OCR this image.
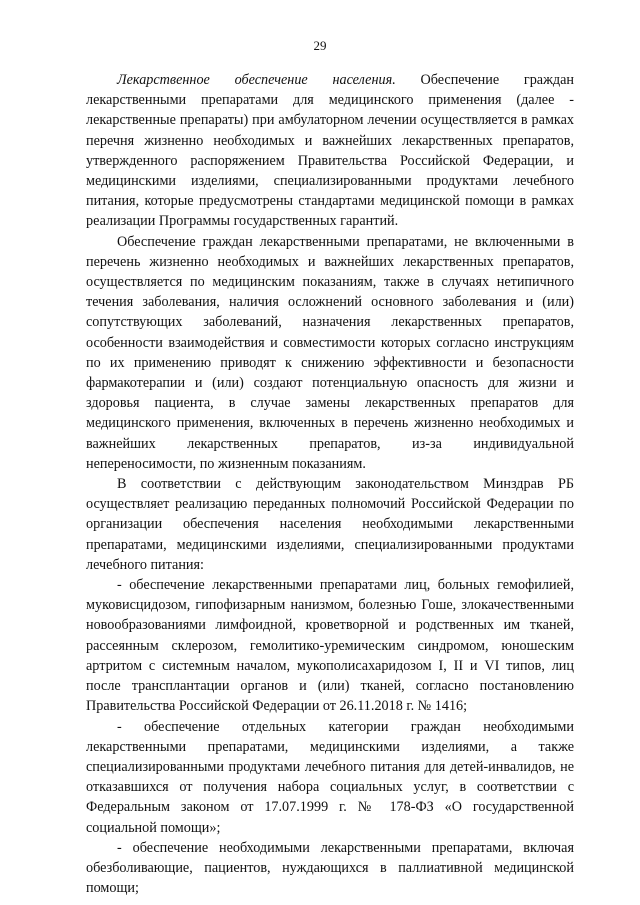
29

Лекарственное обеспечение населения. Обеспечение граждан лекарственными препаратами для медицинского применения (далее - лекарственные препараты) при амбулаторном лечении осуществляется в рамках перечня жизненно необходимых и важнейших лекарственных препаратов, утвержденного распоряжением Правительства Российской Федерации, и медицинскими изделиями, специализированными продуктами лечебного питания, которые предусмотрены стандартами медицинской помощи в рамках реализации Программы государственных гарантий.

Обеспечение граждан лекарственными препаратами, не включенными в перечень жизненно необходимых и важнейших лекарственных препаратов, осуществляется по медицинским показаниям, также в случаях нетипичного течения заболевания, наличия осложнений основного заболевания и (или) сопутствующих заболеваний, назначения лекарственных препаратов, особенности взаимодействия и совместимости которых согласно инструкциям по их применению приводят к снижению эффективности и безопасности фармакотерапии и (или) создают потенциальную опасность для жизни и здоровья пациента, в случае замены лекарственных препаратов для медицинского применения, включенных в перечень жизненно необходимых и важнейших лекарственных препаратов, из-за индивидуальной непереносимости, по жизненным показаниям.

В соответствии с действующим законодательством Минздрав РБ осуществляет реализацию переданных полномочий Российской Федерации по организации обеспечения населения необходимыми лекарственными препаратами, медицинскими изделиями, специализированными продуктами лечебного питания:

- обеспечение лекарственными препаратами лиц, больных гемофилией, муковисцидозом, гипофизарным нанизмом, болезнью Гоше, злокачественными новообразованиями лимфоидной, кроветворной и родственных им тканей, рассеянным склерозом, гемолитико-уремическим синдромом, юношеским артритом с системным началом, мукополисахаридозом I, II и VI типов, лиц после трансплантации органов и (или) тканей, согласно постановлению Правительства Российской Федерации от 26.11.2018 г. № 1416;

- обеспечение отдельных категории граждан необходимыми лекарственными препаратами, медицинскими изделиями, а также специализированными продуктами лечебного питания для детей-инвалидов, не отказавшихся от получения набора социальных услуг, в соответствии с Федеральным законом от 17.07.1999 г. № 178-ФЗ «О государственной социальной помощи»;

- обеспечение необходимыми лекарственными препаратами, включая обезболивающие, пациентов, нуждающихся в паллиативной медицинской помощи;
